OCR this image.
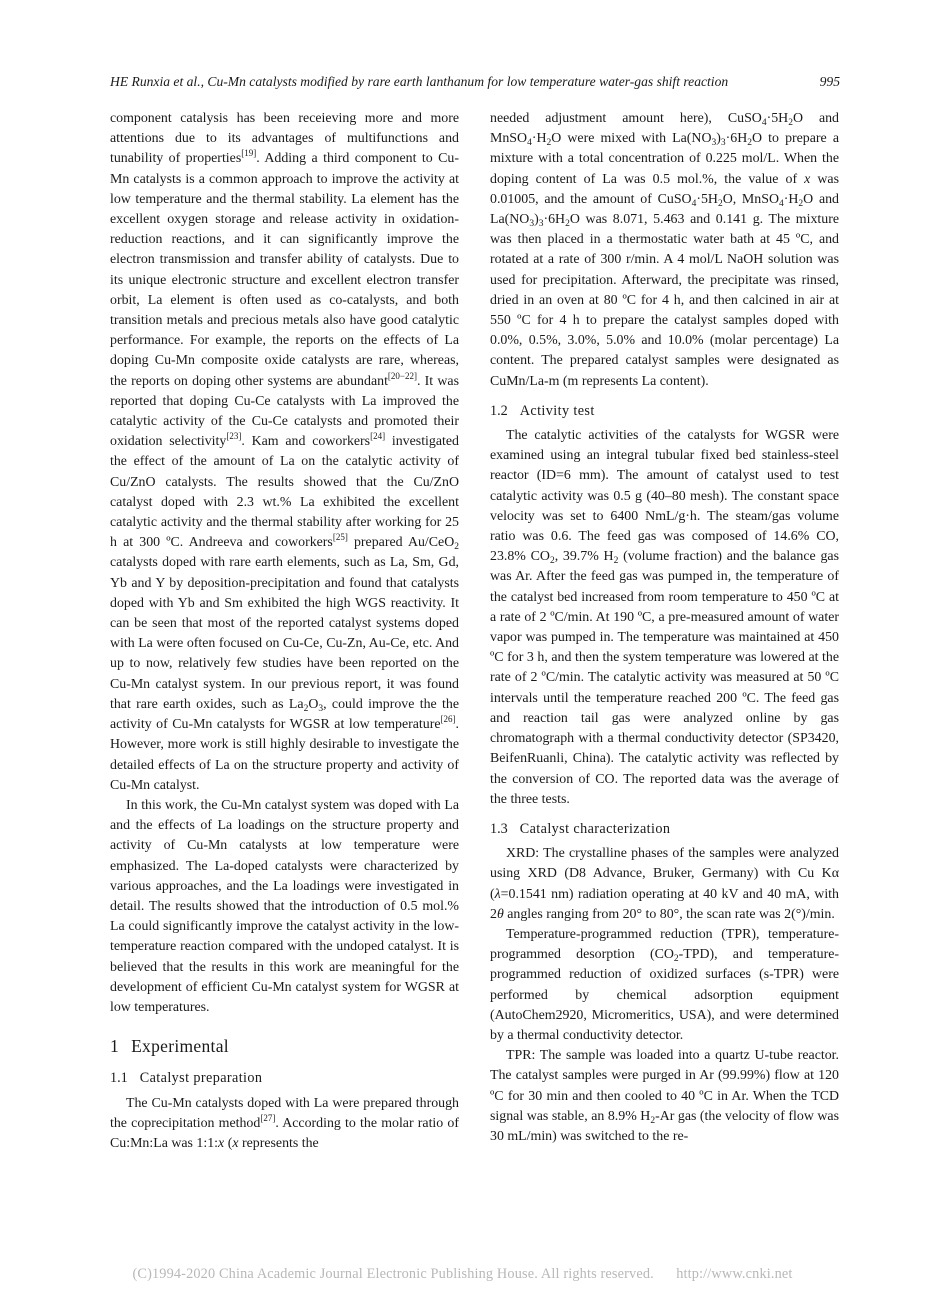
HE Runxia et al., Cu-Mn catalysts modified by rare earth lanthanum for low temperature water-gas shift reaction	995

component catalysis has been receieving more and more attentions due to its advantages of multifunctions and tunability of properties[19]. Adding a third component to Cu-Mn catalysts is a common approach to improve the activity at low temperature and the thermal stability. La element has the excellent oxygen storage and release activity in oxidation-reduction reactions, and it can significantly improve the electron transmission and transfer ability of catalysts. Due to its unique electronic structure and excellent electron transfer orbit, La element is often used as co-catalysts, and both transition metals and precious metals also have good catalytic performance. For example, the reports on the effects of La doping Cu-Mn composite oxide catalysts are rare, whereas, the reports on doping other systems are abundant[20−22]. It was reported that doping Cu-Ce catalysts with La improved the catalytic activity of the Cu-Ce catalysts and promoted their oxidation selectivity[23]. Kam and coworkers[24] investigated the effect of the amount of La on the catalytic activity of Cu/ZnO catalysts. The results showed that the Cu/ZnO catalyst doped with 2.3 wt.% La exhibited the excellent catalytic activity and the thermal stability after working for 25 h at 300 ºC. Andreeva and coworkers[25] prepared Au/CeO$_2$ catalysts doped with rare earth elements, such as La, Sm, Gd, Yb and Y by deposition-precipitation and found that catalysts doped with Yb and Sm exhibited the high WGS reactivity. It can be seen that most of the reported catalyst systems doped with La were often focused on Cu-Ce, Cu-Zn, Au-Ce, etc. And up to now, relatively few studies have been reported on the Cu-Mn catalyst system. In our previous report, it was found that rare earth oxides, such as $La_2O_3$, could improve the the activity of Cu-Mn catalysts for WGSR at low temperature[26]. However, more work is still highly desirable to investigate the detailed effects of La on the structure property and activity of Cu-Mn catalyst.

In this work, the Cu-Mn catalyst system was doped with La and the effects of La loadings on the structure property and activity of Cu-Mn catalysts at low temperature were emphasized. The La-doped catalysts were characterized by various approaches, and the La loadings were investigated in detail. The results showed that the introduction of 0.5 mol.% La could significantly improve the catalyst activity in the low-temperature reaction compared with the undoped catalyst. It is believed that the results in this work are meaningful for the development of efficient Cu-Mn catalyst system for WGSR at low temperatures.

1 Experimental
1.1 Catalyst preparation

The Cu-Mn catalysts doped with La were prepared through the coprecipitation method[27]. According to the molar ratio of Cu:Mn:La was 1:1:x (x represents the

needed adjustment amount here), $CuSO_4\cdot 5H_2O$ and $MnSO_4\cdot H_2O$ were mixed with $La(NO_3)_3\cdot 6H_2O$ to prepare a mixture with a total concentration of 0.225 mol/L. When the doping content of La was 0.5 mol.%, the value of x was 0.01005, and the amount of $CuSO_4\cdot 5H_2O$, $MnSO_4\cdot H_2O$ and $La(NO_3)_3\cdot 6H_2O$ was 8.071, 5.463 and 0.141 g. The mixture was then placed in a thermostatic water bath at 45 ºC, and rotated at a rate of 300 r/min. A 4 mol/L NaOH solution was used for precipitation. Afterward, the precipitate was rinsed, dried in an oven at 80 ºC for 4 h, and then calcined in air at 550 ºC for 4 h to prepare the catalyst samples doped with 0.0%, 0.5%, 3.0%, 5.0% and 10.0% (molar percentage) La content. The prepared catalyst samples were designated as CuMn/La-m (m represents La content).

1.2 Activity test

The catalytic activities of the catalysts for WGSR were examined using an integral tubular fixed bed stainless-steel reactor (ID=6 mm). The amount of catalyst used to test catalytic activity was 0.5 g (40–80 mesh). The constant space velocity was set to 6400 NmL/g·h. The steam/gas volume ratio was 0.6. The feed gas was composed of 14.6% CO, 23.8% $CO_2$, 39.7% $H_2$ (volume fraction) and the balance gas was Ar. After the feed gas was pumped in, the temperature of the catalyst bed increased from room temperature to 450 ºC at a rate of 2 ºC/min. At 190 ºC, a pre-measured amount of water vapor was pumped in. The temperature was maintained at 450 ºC for 3 h, and then the system temperature was lowered at the rate of 2 ºC/min. The catalytic activity was measured at 50 ºC intervals until the temperature reached 200 ºC. The feed gas and reaction tail gas were analyzed online by gas chromatograph with a thermal conductivity detector (SP3420, BeifenRuanli, China). The catalytic activity was reflected by the conversion of CO. The reported data was the average of the three tests.

1.3 Catalyst characterization

XRD: The crystalline phases of the samples were analyzed using XRD (D8 Advance, Bruker, Germany) with Cu Kα (λ=0.1541 nm) radiation operating at 40 kV and 40 mA, with 2θ angles ranging from 20° to 80°, the scan rate was 2(°)/min.

Temperature-programmed reduction (TPR), temperature-programmed desorption $(CO_2-TPD)$, and temperature-programmed reduction of oxidized surfaces (s-TPR) were performed by chemical adsorption equipment (AutoChem2920, Micromeritics, USA), and were determined by a thermal conductivity detector.

TPR: The sample was loaded into a quartz U-tube reactor. The catalyst samples were purged in Ar (99.99%) flow at 120 ºC for 30 min and then cooled to 40 ºC in Ar. When the TCD signal was stable, an 8.9% $H_2-Ar$ gas (the velocity of flow was 30 mL/min) was switched to the re-

(C)1994-2020 China Academic Journal Electronic Publishing House. All rights reserved. http://www.cnki.net
